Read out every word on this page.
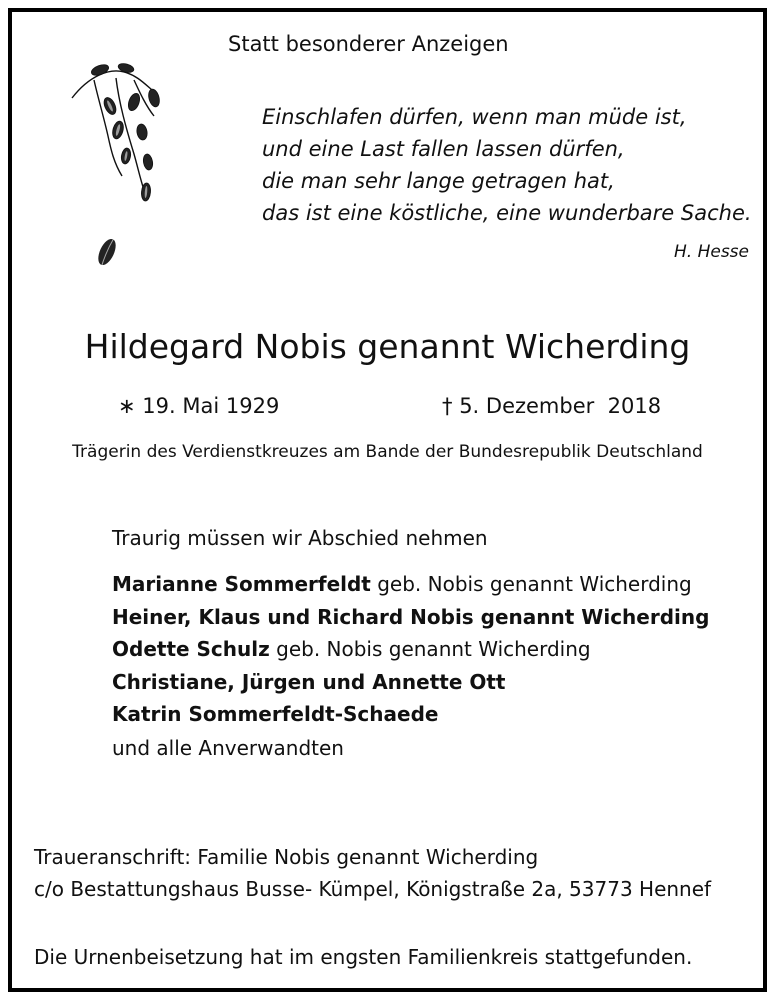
Statt besonderer Anzeigen
Einschlafen dürfen, wenn man müde ist,
und eine Last fallen lassen dürfen,
die man sehr lange getragen hat,
das ist eine köstliche, eine wunderbare Sache.
H. Hesse
Hildegard Nobis genannt Wicherding
∗ 19. Mai 1929	† 5. Dezember  2018
Trägerin des Verdienstkreuzes am Bande der Bundesrepublik Deutschland
Traurig müssen wir Abschied nehmen
Marianne Sommerfeldt geb. Nobis genannt Wicherding
Heiner, Klaus und Richard Nobis genannt Wicherding
Odette Schulz geb. Nobis genannt Wicherding
Christiane, Jürgen und Annette Ott
Katrin Sommerfeldt-Schaede
und alle Anverwandten
Traueranschrift: Familie Nobis genannt Wicherding
c/o Bestattungshaus Busse- Kümpel, Königstraße 2a, 53773 Hennef
Die Urnenbeisetzung hat im engsten Familienkreis stattgefunden.
